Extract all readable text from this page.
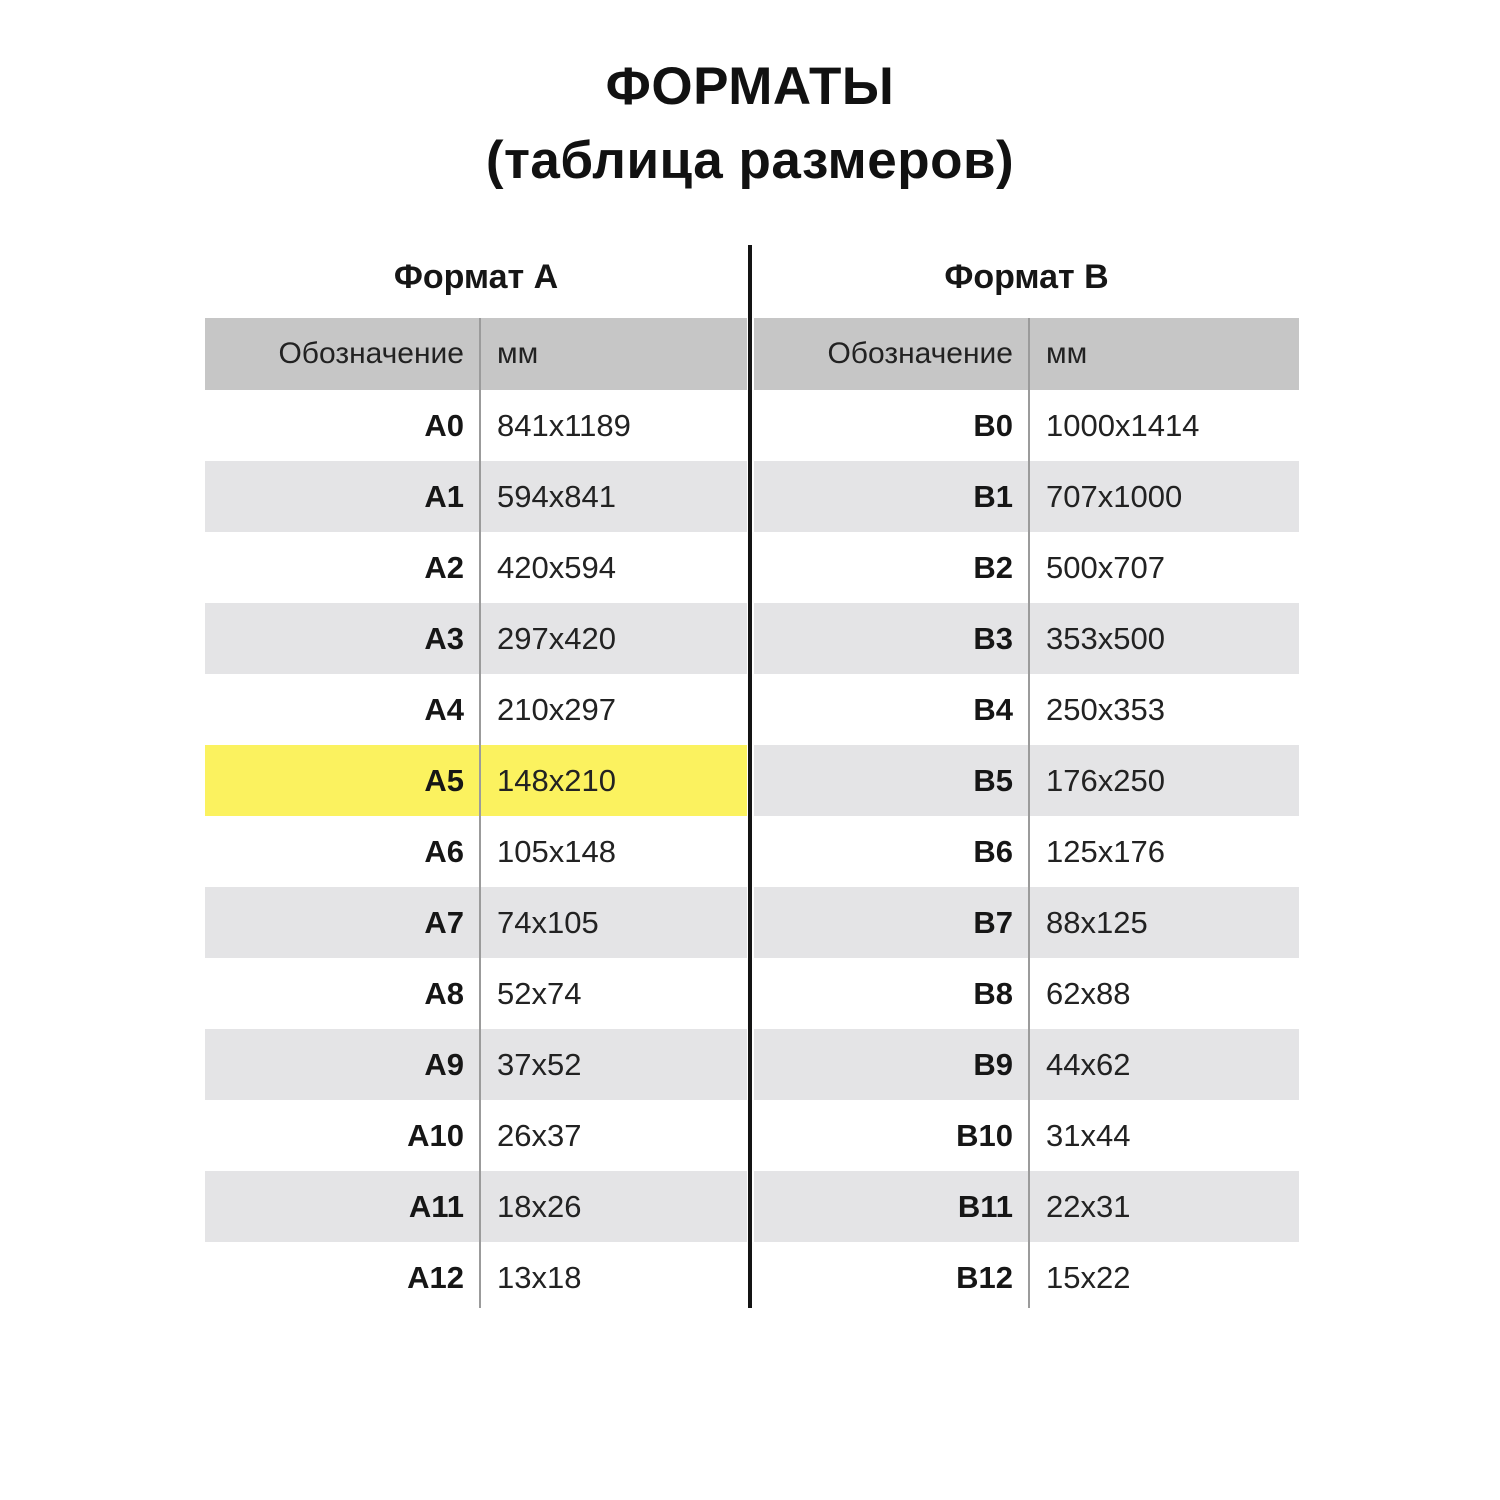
ФОРМАТЫ
(таблица размеров)
Формат А
Обозначение	мм
A0	841x1189
A1	594x841
A2	420x594
A3	297x420
A4	210x297
A5	148x210
A6	105x148
A7	74x105
A8	52x74
A9	37x52
A10	26x37
A11	18x26
A12	13x18
Формат B
Обозначение	мм
B0	1000x1414
B1	707x1000
B2	500x707
B3	353x500
B4	250x353
B5	176x250
B6	125x176
B7	88x125
B8	62x88
B9	44x62
B10	31x44
B11	22x31
B12	15x22
